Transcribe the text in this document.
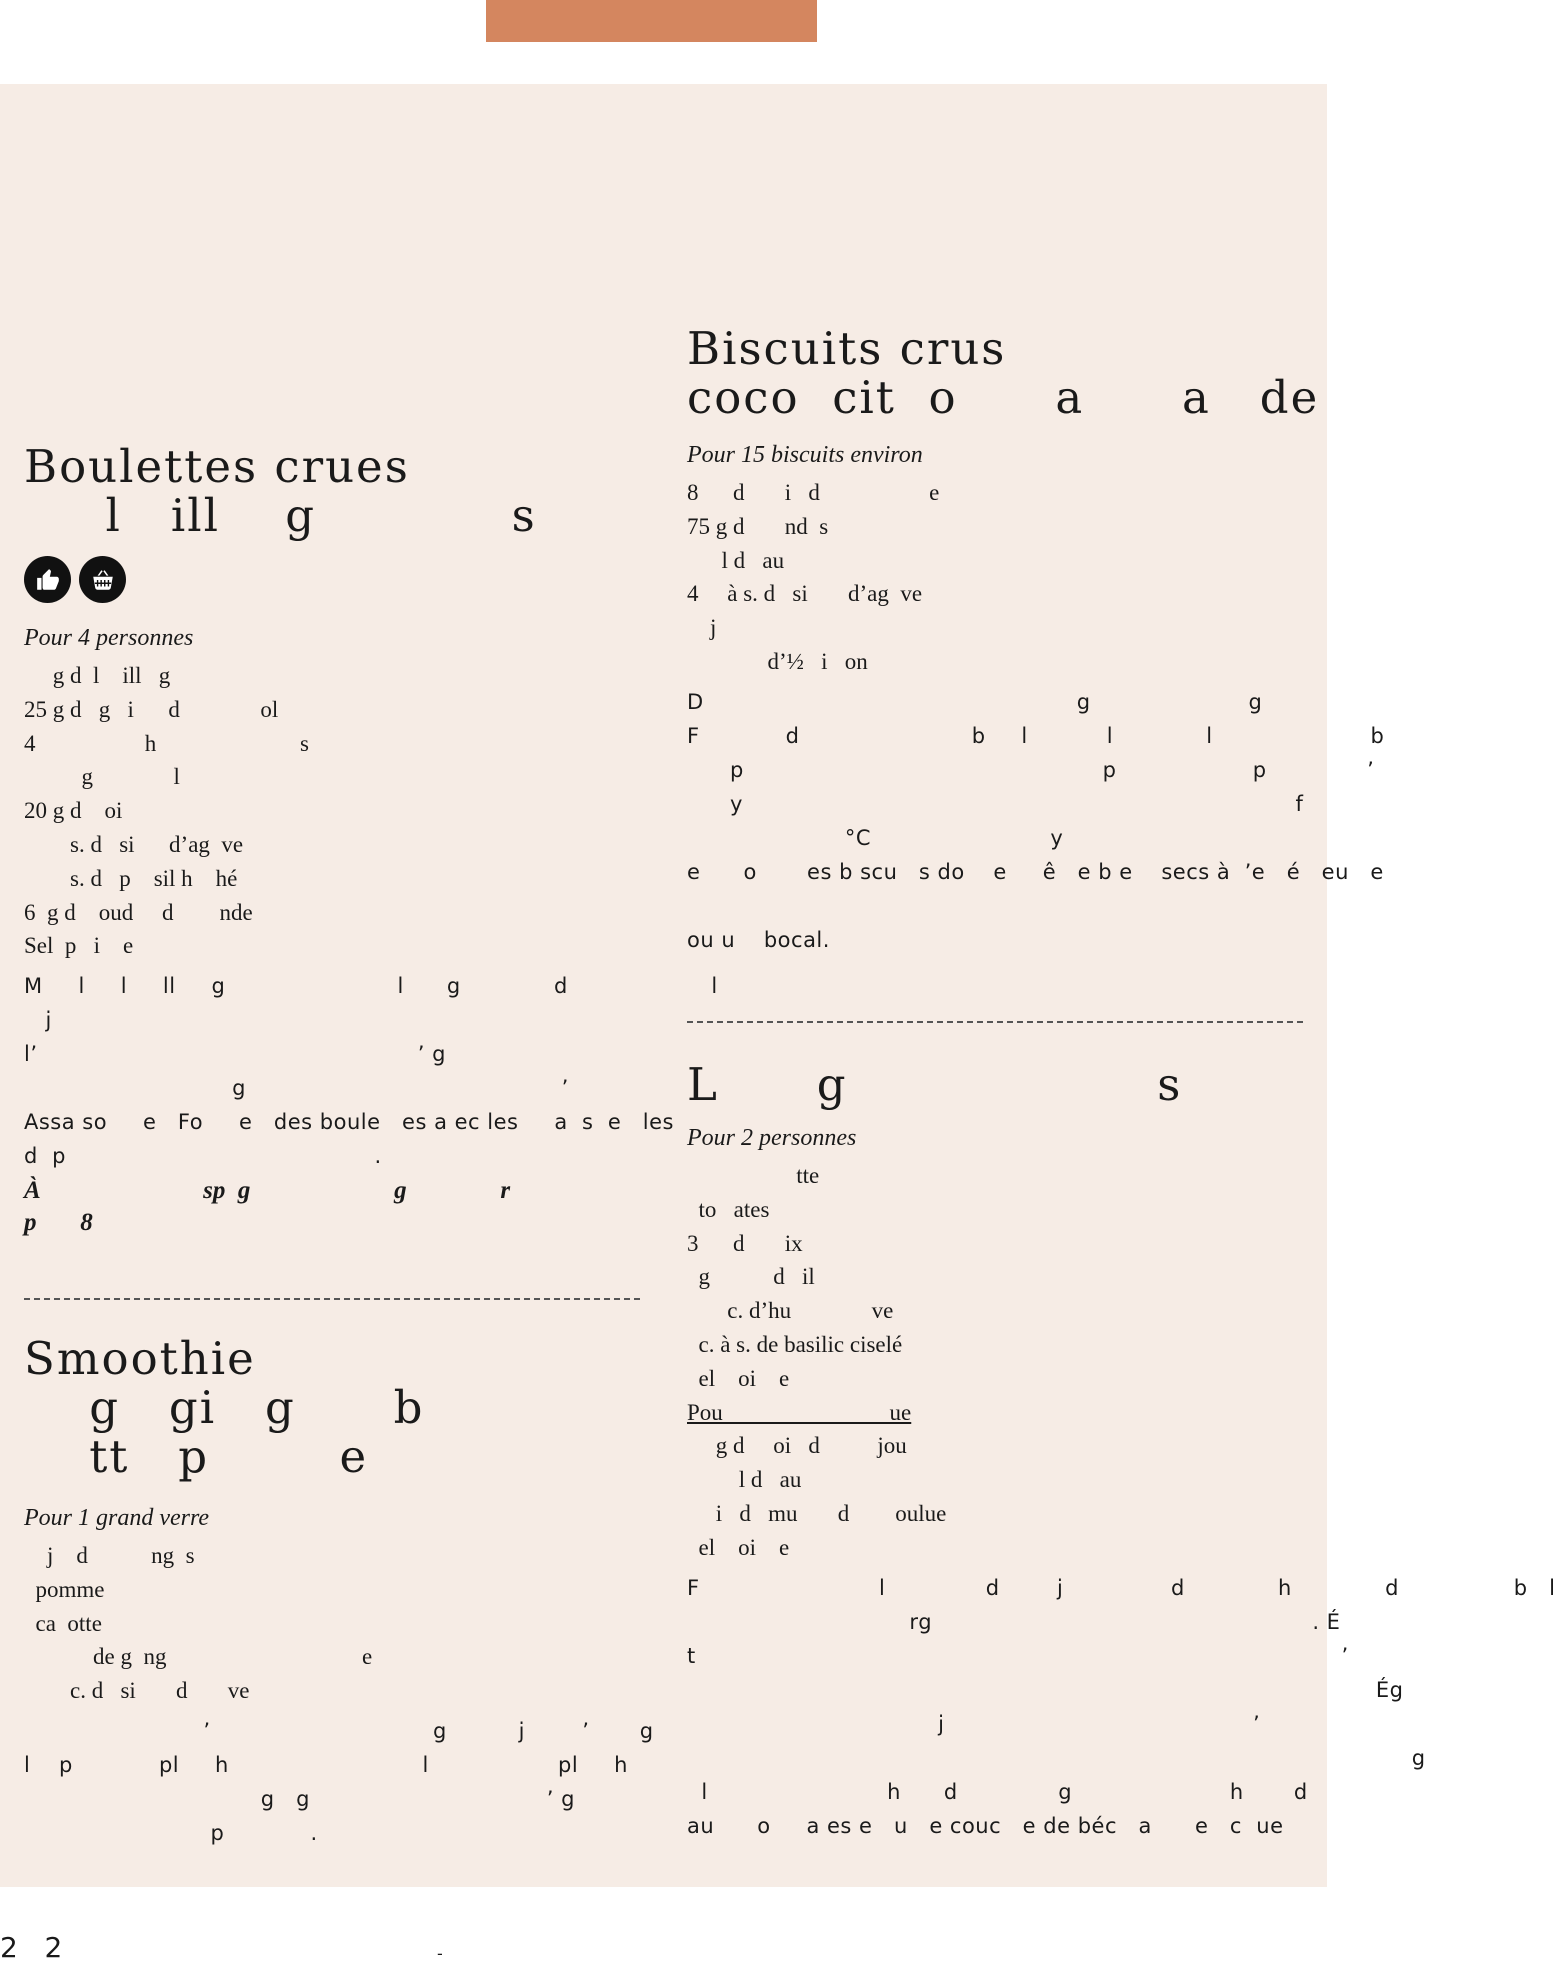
Boulettes crues
l   ill    g            s
Pour 4 personnes
g d  l    ill   g
25 g d   g   i      d              ol
4                   h                         s
g              l
20 g d    oi
s. d   si      d’ag  ve
s. d   p    sil h    hé
6  g d    oud     d        nde
Sel  p   i    e
M     l     l     ll     g                        l      g             d                    l
j
l’                                                     ’ g
g                                            ’
Assa so     e   Fo     e   des boule   es a ec les     a  s  e   les
d  p                                           .
À                          sp  g                       g               r
p       8
Smoothie
g   gi   g      b
tt   p        e
Pour 1 grand verre
j    d           ng  s
pomme
ca  otte
de g  ng                                  e
c. d   si       d       ve
’                               g          j        ’       g
l    p            pl     h                           l                  pl     h
g   g                                 ’ g
p            .
Biscuits crus
coco  cit  o      a      a   de
Pour 15 biscuits environ
8      d       i   d                   e
75 g d       nd  s
l d   au
4     à s. d   si       d’ag  ve
j
d’½   i   on
D                                                    g                      g
F            d                        b     l           l             l                      b
p                                                  p                   p              ’
y                                                                             f
°C                         y
e      o       es b scu   s do    e     ê   e b e    secs à  ’e   é   eu   e
ou u    bocal.
L      g                   s
Pour 2 personnes
tte
to   ates
3      d       ix
g           d   il
c. d’hu              ve
c. à s. de basilic ciselé
el    oi    e
Pou                             ue
g d     oi   d          jou
l d   au
i   d   mu       d        oulue
el    oi    e
F                         l              d        j               d             h             d                b   l
rg                                                     . É
t                                                                                          ’
Ég
j                                           ’
g
l                         h      d              g                      h       d
au      o     a es e   u   e couc   e de béc   a      e   c  ue
2   2	-
